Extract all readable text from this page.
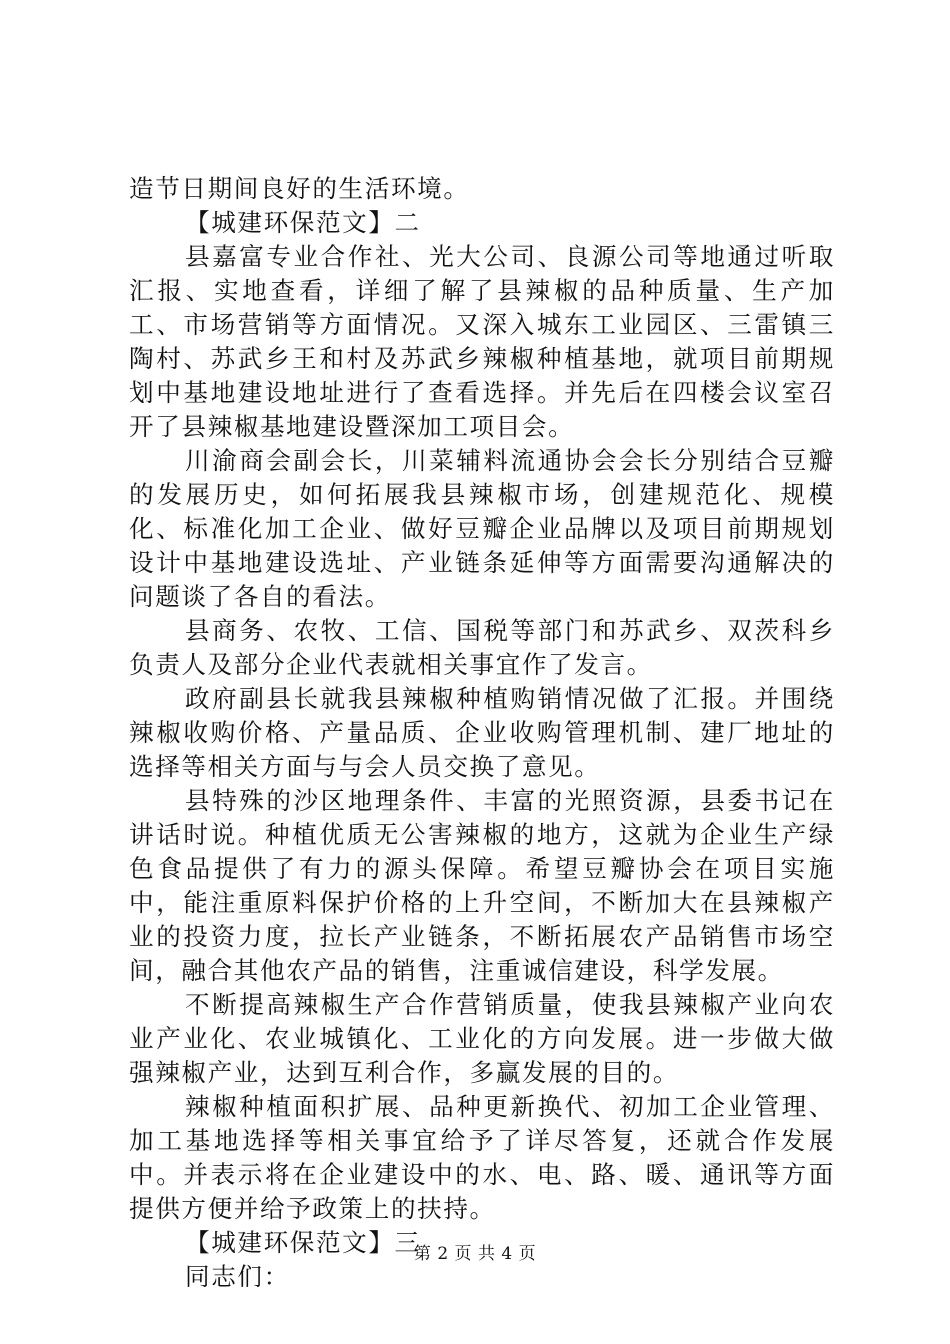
造节日期间良好的生活环境。

【城建环保范文】二

县嘉富专业合作社、光大公司、良源公司等地通过听取汇报、实地查看，详细了解了县辣椒的品种质量、生产加工、市场营销等方面情况。又深入城东工业园区、三雷镇三陶村、苏武乡王和村及苏武乡辣椒种植基地，就项目前期规划中基地建设地址进行了查看选择。并先后在四楼会议室召开了县辣椒基地建设暨深加工项目会。

川渝商会副会长，川菜辅料流通协会会长分别结合豆瓣的发展历史，如何拓展我县辣椒市场，创建规范化、规模化、标准化加工企业、做好豆瓣企业品牌以及项目前期规划设计中基地建设选址、产业链条延伸等方面需要沟通解决的问题谈了各自的看法。

县商务、农牧、工信、国税等部门和苏武乡、双茨科乡负责人及部分企业代表就相关事宜作了发言。

政府副县长就我县辣椒种植购销情况做了汇报。并围绕辣椒收购价格、产量品质、企业收购管理机制、建厂地址的选择等相关方面与与会人员交换了意见。

县特殊的沙区地理条件、丰富的光照资源，县委书记在讲话时说。种植优质无公害辣椒的地方，这就为企业生产绿色食品提供了有力的源头保障。希望豆瓣协会在项目实施中，能注重原料保护价格的上升空间，不断加大在县辣椒产业的投资力度，拉长产业链条，不断拓展农产品销售市场空间，融合其他农产品的销售，注重诚信建设，科学发展。

不断提高辣椒生产合作营销质量，使我县辣椒产业向农业产业化、农业城镇化、工业化的方向发展。进一步做大做强辣椒产业，达到互利合作，多赢发展的目的。

辣椒种植面积扩展、品种更新换代、初加工企业管理、加工基地选择等相关事宜给予了详尽答复，还就合作发展中。并表示将在企业建设中的水、电、路、暖、通讯等方面提供方便并给予政策上的扶持。

【城建环保范文】三

同志们：

第 2 页 共 4 页
